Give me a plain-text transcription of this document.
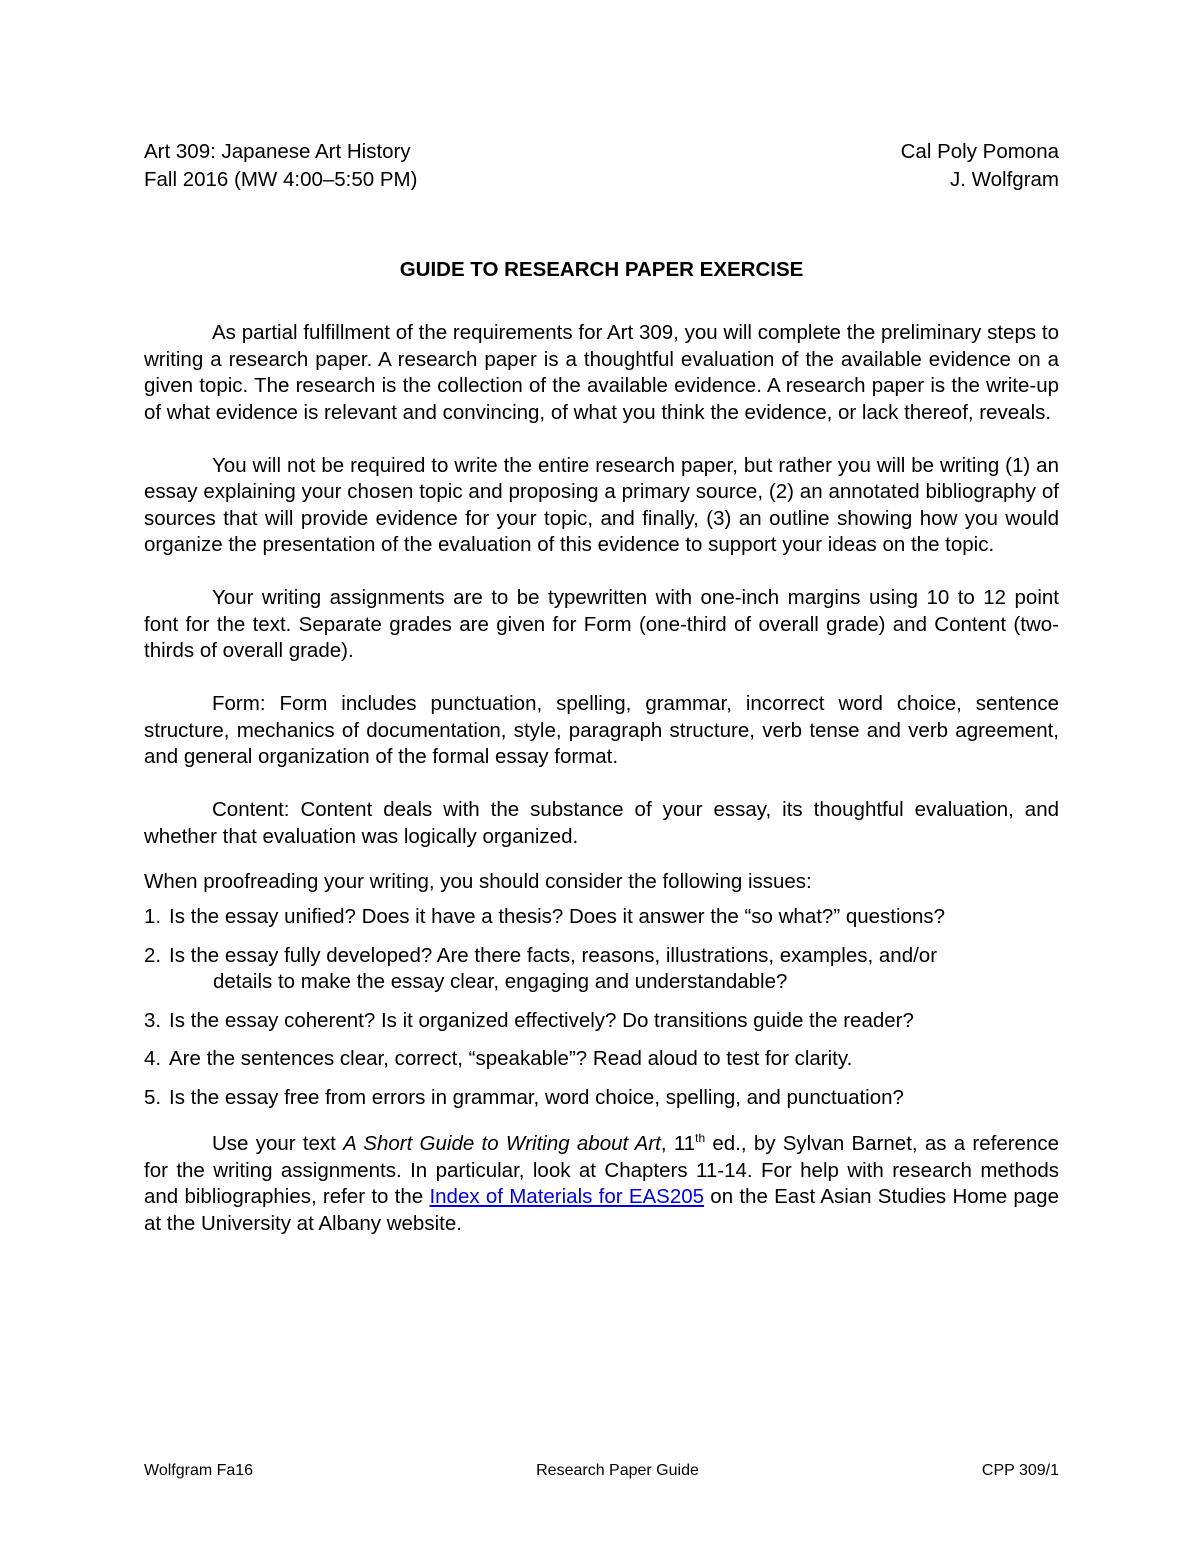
Art 309: Japanese Art History	Cal Poly Pomona
Fall 2016 (MW 4:00–5:50 PM)	J. Wolfgram
GUIDE TO RESEARCH PAPER EXERCISE

As partial fulfillment of the requirements for Art 309, you will complete the preliminary steps to writing a research paper. A research paper is a thoughtful evaluation of the available evidence on a given topic. The research is the collection of the available evidence. A research paper is the write-up of what evidence is relevant and convincing, of what you think the evidence, or lack thereof, reveals.

You will not be required to write the entire research paper, but rather you will be writing (1) an essay explaining your chosen topic and proposing a primary source, (2) an annotated bibliography of sources that will provide evidence for your topic, and finally, (3) an outline showing how you would organize the presentation of the evaluation of this evidence to support your ideas on the topic.

Your writing assignments are to be typewritten with one-inch margins using 10 to 12 point font for the text. Separate grades are given for Form (one-third of overall grade) and Content (two-thirds of overall grade).

Form: Form includes punctuation, spelling, grammar, incorrect word choice, sentence structure, mechanics of documentation, style, paragraph structure, verb tense and verb agreement, and general organization of the formal essay format.

Content: Content deals with the substance of your essay, its thoughtful evaluation, and whether that evaluation was logically organized.

When proofreading your writing, you should consider the following issues:
1. Is the essay unified? Does it have a thesis? Does it answer the “so what?” questions?
2. Is the essay fully developed? Are there facts, reasons, illustrations, examples, and/or
details to make the essay clear, engaging and understandable?
3. Is the essay coherent? Is it organized effectively? Do transitions guide the reader?
4. Are the sentences clear, correct, “speakable”? Read aloud to test for clarity.
5. Is the essay free from errors in grammar, word choice, spelling, and punctuation?

Use your text A Short Guide to Writing about Art, 11th ed., by Sylvan Barnet, as a reference for the writing assignments. In particular, look at Chapters 11-14. For help with research methods and bibliographies, refer to the Index of Materials for EAS205 on the East Asian Studies Home page at the University at Albany website.

Wolfgram Fa16	Research Paper Guide	CPP 309/1
